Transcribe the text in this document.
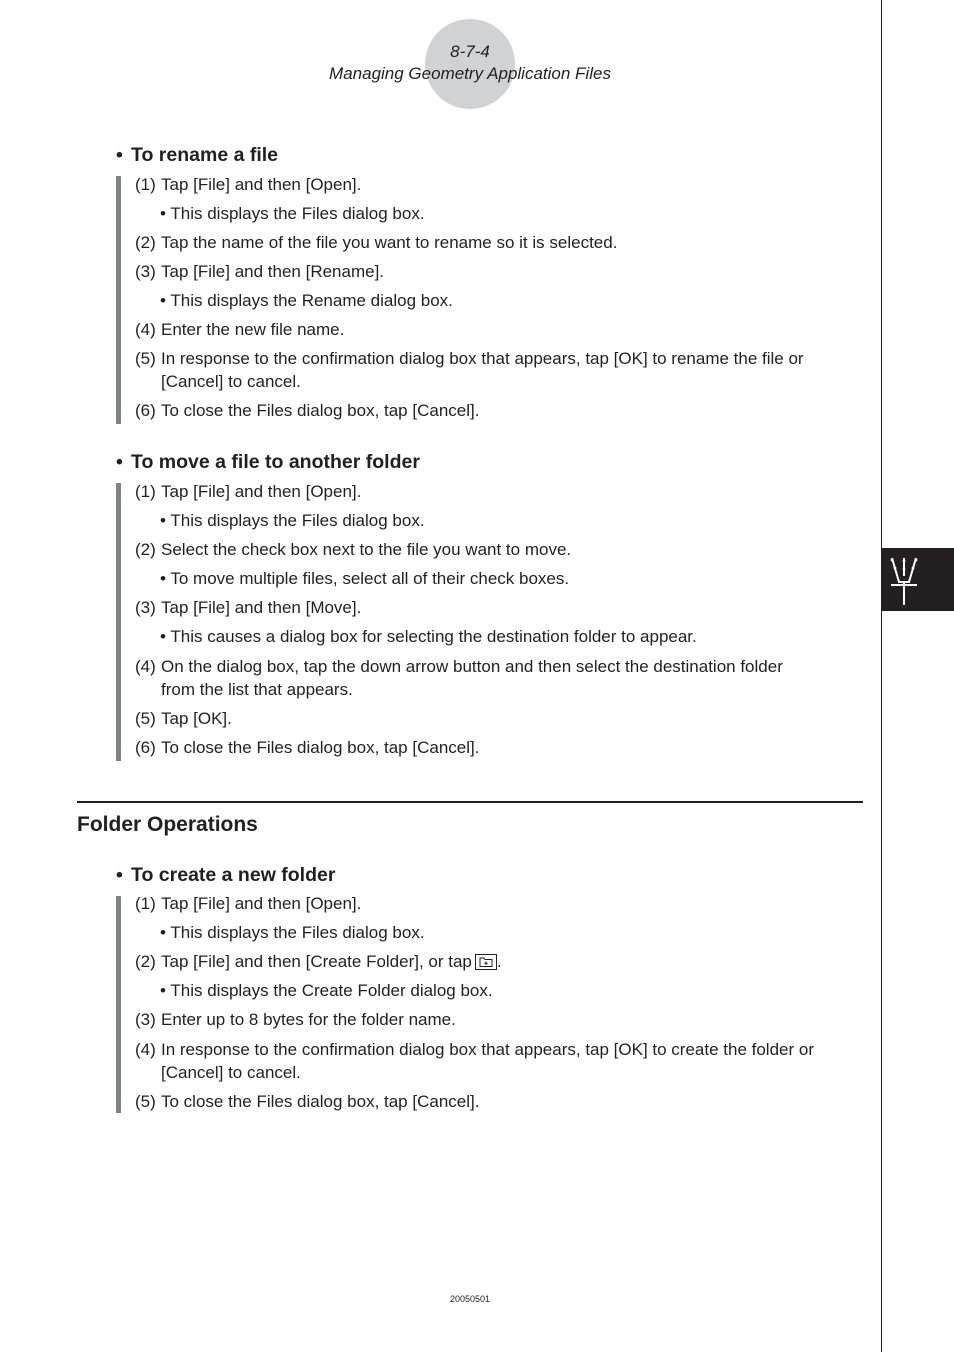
8-7-4
Managing Geometry Application Files
• To rename a file
(1) Tap [File] and then [Open].
• This displays the Files dialog box.
(2) Tap the name of the file you want to rename so it is selected.
(3) Tap [File] and then [Rename].
• This displays the Rename dialog box.
(4) Enter the new file name.
(5) In response to the confirmation dialog box that appears, tap [OK] to rename the file or
[Cancel] to cancel.
(6) To close the Files dialog box, tap [Cancel].
• To move a file to another folder
(1) Tap [File] and then [Open].
• This displays the Files dialog box.
(2) Select the check box next to the file you want to move.
• To move multiple files, select all of their check boxes.
(3) Tap [File] and then [Move].
• This causes a dialog box for selecting the destination folder to appear.
(4) On the dialog box, tap the down arrow button and then select the destination folder
from the list that appears.
(5) Tap [OK].
(6) To close the Files dialog box, tap [Cancel].
Folder Operations
• To create a new folder
(1) Tap [File] and then [Open].
• This displays the Files dialog box.
(2) Tap [File] and then [Create Folder], or tap .
• This displays the Create Folder dialog box.
(3) Enter up to 8 bytes for the folder name.
(4) In response to the confirmation dialog box that appears, tap [OK] to create the folder or
[Cancel] to cancel.
(5) To close the Files dialog box, tap [Cancel].
20050501
